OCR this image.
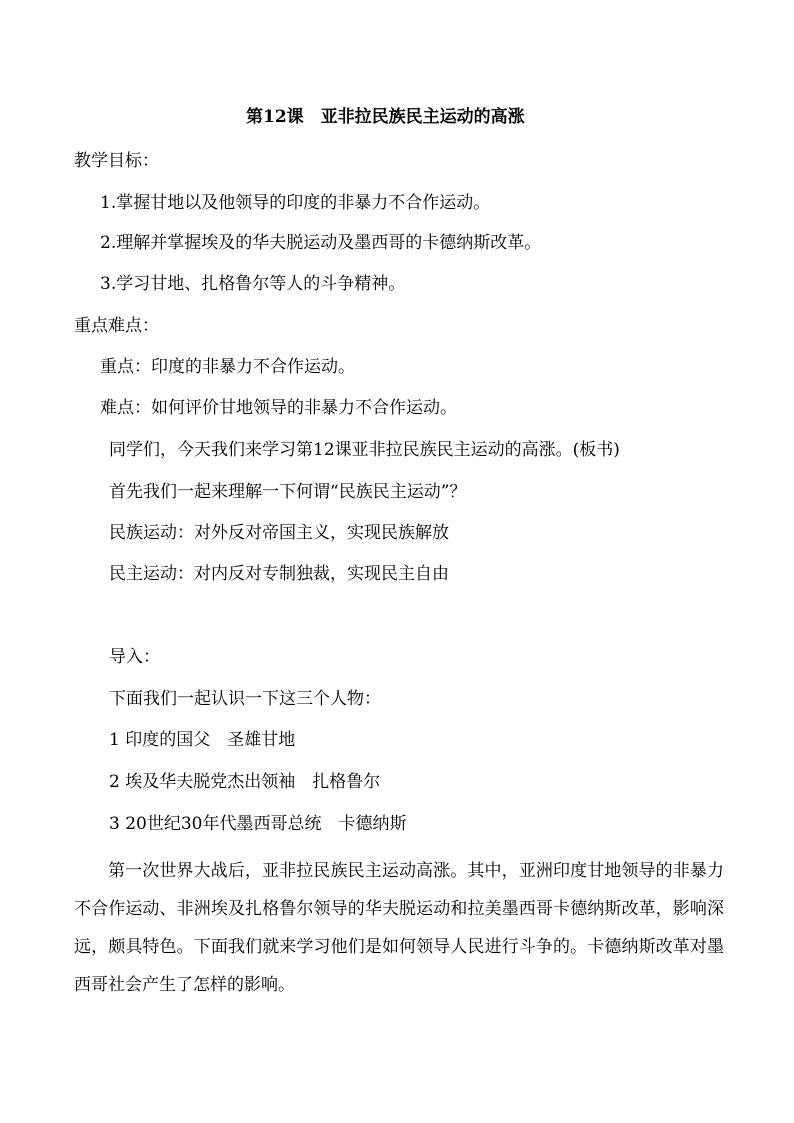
第12课　亚非拉民族民主运动的高涨
教学目标：
1.掌握甘地以及他领导的印度的非暴力不合作运动。
2.理解并掌握埃及的华夫脱运动及墨西哥的卡德纳斯改革。
3.学习甘地、扎格鲁尔等人的斗争精神。
重点难点：
重点：印度的非暴力不合作运动。
难点：如何评价甘地领导的非暴力不合作运动。
同学们，今天我们来学习第12课亚非拉民族民主运动的高涨。(板书)
首先我们一起来理解一下何谓“民族民主运动”？
民族运动：对外反对帝国主义，实现民族解放
民主运动：对内反对专制独裁，实现民主自由
导入：
下面我们一起认识一下这三个人物：
1 印度的国父　圣雄甘地
2 埃及华夫脱党杰出领袖　扎格鲁尔
3 20世纪30年代墨西哥总统　卡德纳斯
第一次世界大战后，亚非拉民族民主运动高涨。其中，亚洲印度甘地领导的非暴力不合作运动、非洲埃及扎格鲁尔领导的华夫脱运动和拉美墨西哥卡德纳斯改革，影响深远，颇具特色。下面我们就来学习他们是如何领导人民进行斗争的。卡德纳斯改革对墨西哥社会产生了怎样的影响。
